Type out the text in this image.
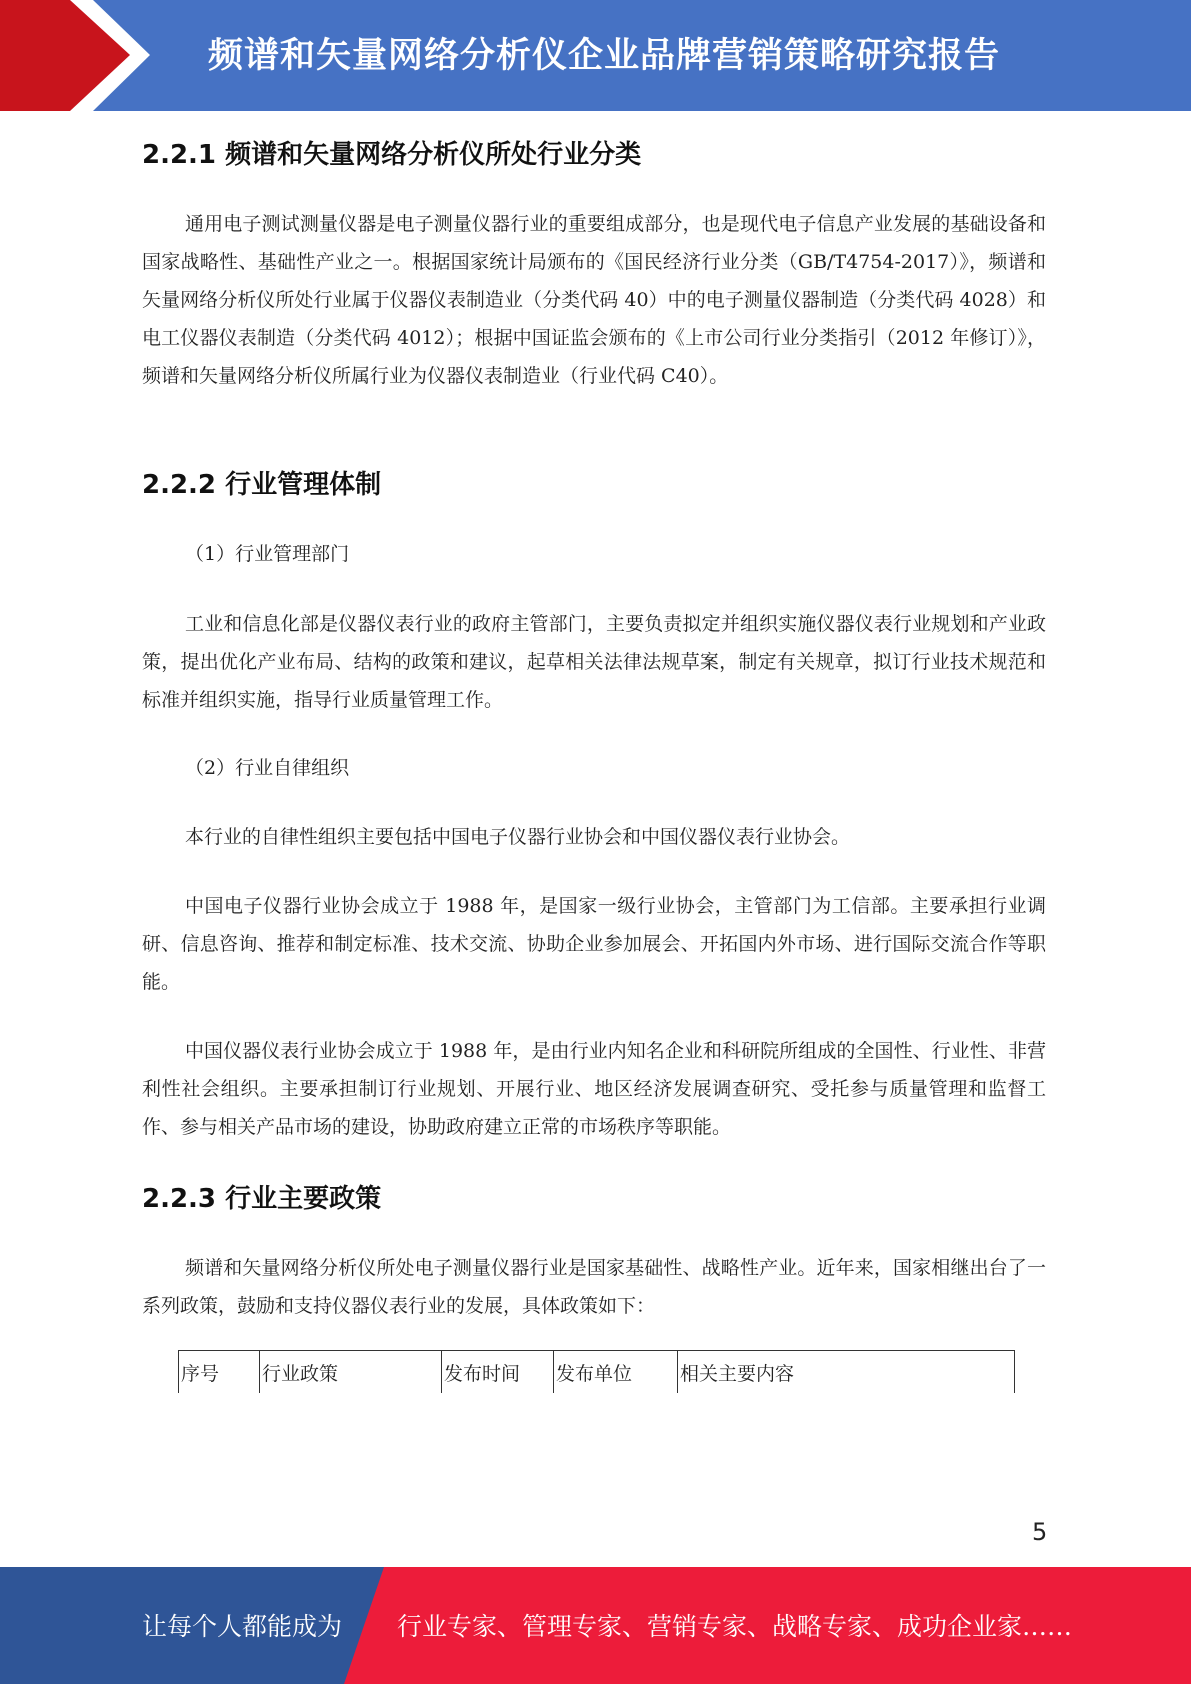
频谱和矢量网络分析仪企业品牌营销策略研究报告
2.2.1 频谱和矢量网络分析仪所处行业分类

通用电子测试测量仪器是电子测量仪器行业的重要组成部分，也是现代电子信息产业发展的基础设备和国家战略性、基础性产业之一。根据国家统计局颁布的《国民经济行业分类（GB/T4754-2017）》，频谱和矢量网络分析仪所处行业属于仪器仪表制造业（分类代码 40）中的电子测量仪器制造（分类代码 4028）和电工仪器仪表制造（分类代码 4012）；根据中国证监会颁布的《上市公司行业分类指引（2012 年修订）》，频谱和矢量网络分析仪所属行业为仪器仪表制造业（行业代码 C40）。

2.2.2 行业管理体制

（1）行业管理部门

工业和信息化部是仪器仪表行业的政府主管部门，主要负责拟定并组织实施仪器仪表行业规划和产业政策，提出优化产业布局、结构的政策和建议，起草相关法律法规草案，制定有关规章，拟订行业技术规范和标准并组织实施，指导行业质量管理工作。

（2）行业自律组织

本行业的自律性组织主要包括中国电子仪器行业协会和中国仪器仪表行业协会。

中国电子仪器行业协会成立于 1988 年，是国家一级行业协会，主管部门为工信部。主要承担行业调研、信息咨询、推荐和制定标准、技术交流、协助企业参加展会、开拓国内外市场、进行国际交流合作等职能。

中国仪器仪表行业协会成立于 1988 年，是由行业内知名企业和科研院所组成的全国性、行业性、非营利性社会组织。主要承担制订行业规划、开展行业、地区经济发展调查研究、受托参与质量管理和监督工作、参与相关产品市场的建设，协助政府建立正常的市场秩序等职能。

2.2.3 行业主要政策

频谱和矢量网络分析仪所处电子测量仪器行业是国家基础性、战略性产业。近年来，国家相继出台了一系列政策，鼓励和支持仪器仪表行业的发展，具体政策如下：

序号	行业政策	发布时间	发布单位	相关主要内容
5
让每个人都能成为 行业专家、管理专家、营销专家、战略专家、成功企业家……
